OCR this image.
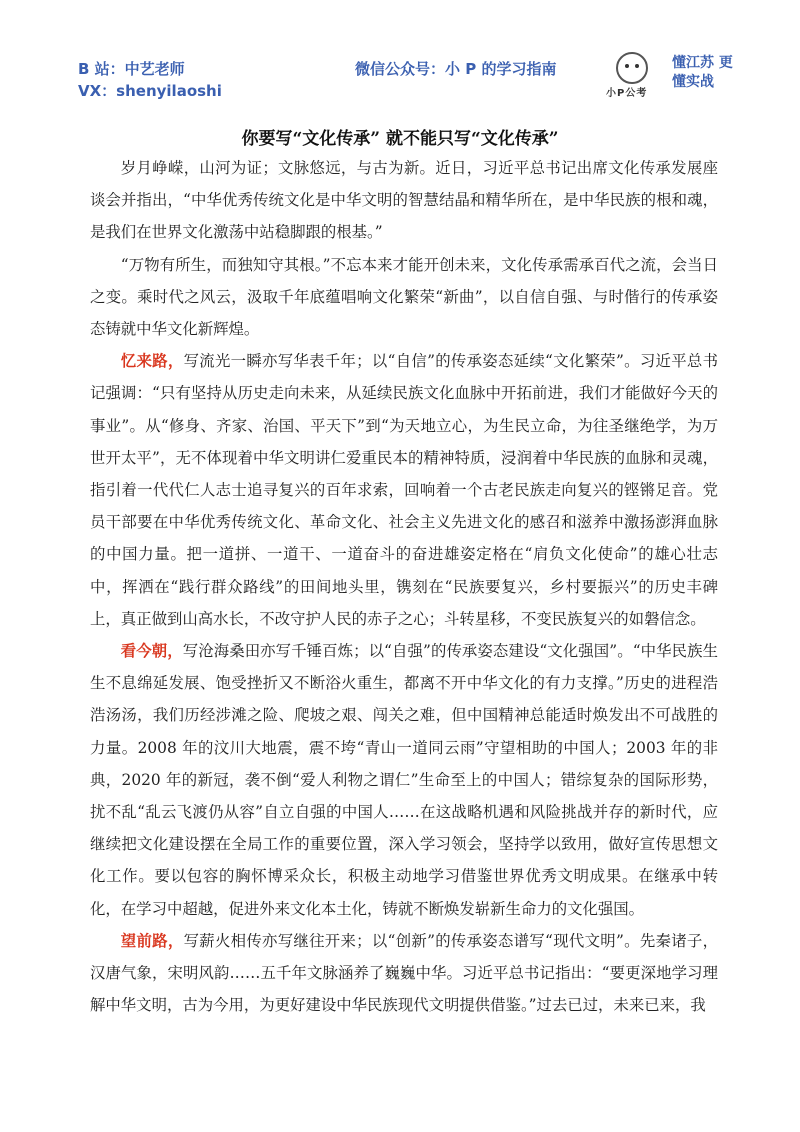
B 站：中艺老师
VX：shenyilaoshi
微信公众号：小 P 的学习指南
小P公考
懂江苏 更懂实战
你要写“文化传承” 就不能只写“文化传承”

岁月峥嵘，山河为证；文脉悠远，与古为新。近日，习近平总书记出席文化传承发展座谈会并指出，“中华优秀传统文化是中华文明的智慧结晶和精华所在，是中华民族的根和魂，是我们在世界文化激荡中站稳脚跟的根基。”

“万物有所生，而独知守其根。”不忘本来才能开创未来，文化传承需承百代之流，会当日之变。乘时代之风云，汲取千年底蕴唱响文化繁荣“新曲”，以自信自强、与时偕行的传承姿态铸就中华文化新辉煌。

忆来路，写流光一瞬亦写华表千年；以“自信”的传承姿态延续“文化繁荣”。习近平总书记强调：“只有坚持从历史走向未来，从延续民族文化血脉中开拓前进，我们才能做好今天的事业”。从“修身、齐家、治国、平天下”到“为天地立心，为生民立命，为往圣继绝学，为万世开太平”，无不体现着中华文明讲仁爱重民本的精神特质，浸润着中华民族的血脉和灵魂，指引着一代代仁人志士追寻复兴的百年求索，回响着一个古老民族走向复兴的铿锵足音。党员干部要在中华优秀传统文化、革命文化、社会主义先进文化的感召和滋养中激扬澎湃血脉的中国力量。把一道拼、一道干、一道奋斗的奋进雄姿定格在“肩负文化使命”的雄心壮志中，挥洒在“践行群众路线”的田间地头里，镌刻在“民族要复兴，乡村要振兴”的历史丰碑上，真正做到山高水长，不改守护人民的赤子之心；斗转星移，不变民族复兴的如磐信念。

看今朝，写沧海桑田亦写千锤百炼；以“自强”的传承姿态建设“文化强国”。“中华民族生生不息绵延发展、饱受挫折又不断浴火重生，都离不开中华文化的有力支撑。”历史的进程浩浩汤汤，我们历经涉滩之险、爬坡之艰、闯关之难，但中国精神总能适时焕发出不可战胜的力量。2008 年的汶川大地震，震不垮“青山一道同云雨”守望相助的中国人；2003 年的非典，2020 年的新冠，袭不倒“爱人利物之谓仁”生命至上的中国人；错综复杂的国际形势，扰不乱“乱云飞渡仍从容”自立自强的中国人……在这战略机遇和风险挑战并存的新时代，应继续把文化建设摆在全局工作的重要位置，深入学习领会，坚持学以致用，做好宣传思想文化工作。要以包容的胸怀博采众长，积极主动地学习借鉴世界优秀文明成果。在继承中转化，在学习中超越，促进外来文化本土化，铸就不断焕发崭新生命力的文化强国。

望前路，写薪火相传亦写继往开来；以“创新”的传承姿态谱写“现代文明”。先秦诸子，汉唐气象，宋明风韵……五千年文脉涵养了巍巍中华。习近平总书记指出：“要更深地学习理解中华文明，古为今用，为更好建设中华民族现代文明提供借鉴。”过去已过，未来已来，我
